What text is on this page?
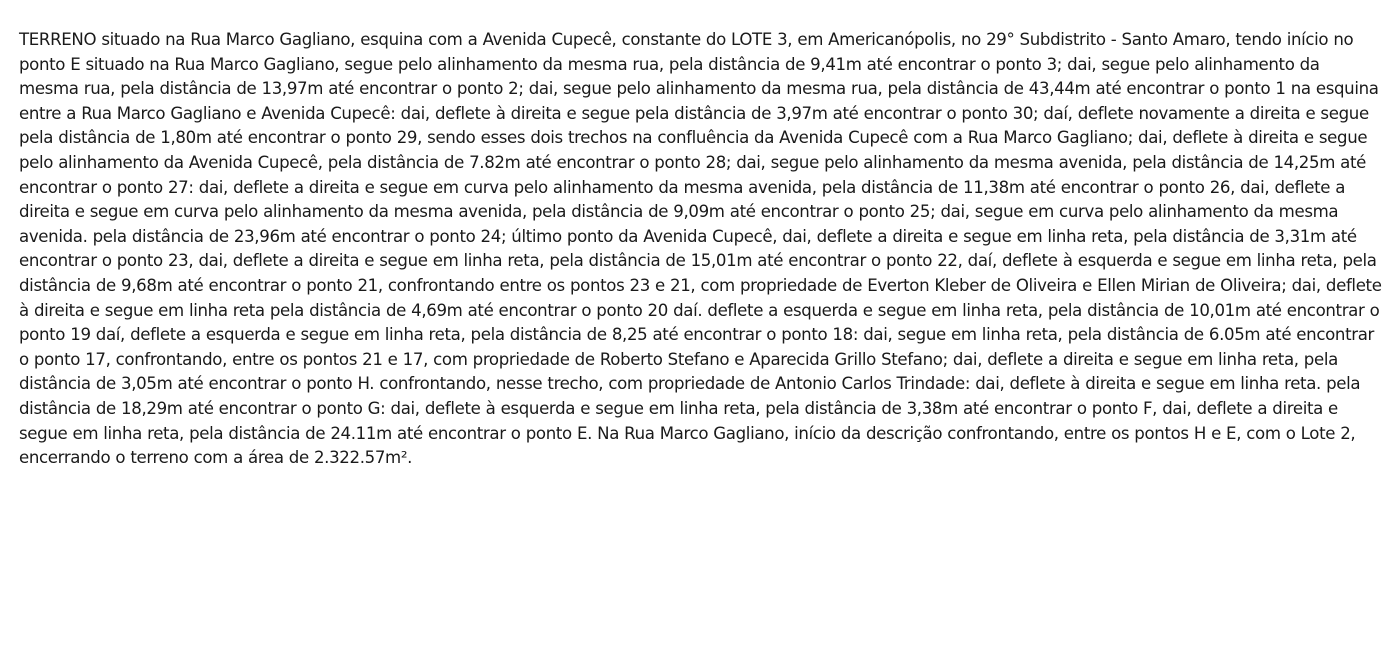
TERRENO situado na Rua Marco Gagliano, esquina com a Avenida Cupecê, constante do LOTE 3, em Americanópolis, no 29° Subdistrito - Santo Amaro, tendo início no ponto E situado na Rua Marco Gagliano, segue pelo alinhamento da mesma rua, pela distância de 9,41m até encontrar o ponto 3; dai, segue pelo alinhamento da mesma rua, pela distância de 13,97m até encontrar o ponto 2; dai, segue pelo alinhamento da mesma rua, pela distância de 43,44m até encontrar o ponto 1 na esquina entre a Rua Marco Gagliano e Avenida Cupecê: dai, deflete à direita e segue pela distância de 3,97m até encontrar o ponto 30; daí, deflete novamente a direita e segue pela distância de 1,80m até encontrar o ponto 29, sendo esses dois trechos na confluência da Avenida Cupecê com a Rua Marco Gagliano; dai, deflete à direita e segue pelo alinhamento da Avenida Cupecê, pela distância de 7.82m até encontrar o ponto 28; dai, segue pelo alinhamento da mesma avenida, pela distância de 14,25m até encontrar o ponto 27: dai, deflete a direita e segue em curva pelo alinhamento da mesma avenida, pela distância de 11,38m até encontrar o ponto 26, dai, deflete a direita e segue em curva pelo alinhamento da mesma avenida, pela distância de 9,09m até encontrar o ponto 25; dai, segue em curva pelo alinhamento da mesma avenida. pela distância de 23,96m até encontrar o ponto 24; último ponto da Avenida Cupecê, dai, deflete a direita e segue em linha reta, pela distância de 3,31m até encontrar o ponto 23, dai, deflete a direita e segue em linha reta, pela distância de 15,01m até encontrar o ponto 22, daí, deflete à esquerda e segue em linha reta, pela distância de 9,68m até encontrar o ponto 21, confrontando entre os pontos 23 e 21, com propriedade de Everton Kleber de Oliveira e Ellen Mirian de Oliveira; dai, deflete à direita e segue em linha reta pela distância de 4,69m até encontrar o ponto 20 daí. deflete a esquerda e segue em linha reta, pela distância de 10,01m até encontrar o ponto 19 daí, deflete a esquerda e segue em linha reta, pela distância de 8,25 até encontrar o ponto 18: dai, segue em linha reta, pela distância de 6.05m até encontrar o ponto 17, confrontando, entre os pontos 21 e 17, com propriedade de Roberto Stefano e Aparecida Grillo Stefano; dai, deflete a direita e segue em linha reta, pela distância de 3,05m até encontrar o ponto H. confrontando, nesse trecho, com propriedade de Antonio Carlos Trindade: dai, deflete à direita e segue em linha reta. pela distância de 18,29m até encontrar o ponto G: dai, deflete à esquerda e segue em linha reta, pela distância de 3,38m até encontrar o ponto F, dai, deflete a direita e segue em linha reta, pela distância de 24.11m até encontrar o ponto E. Na Rua Marco Gagliano, início da descrição confrontando, entre os pontos H e E, com o Lote 2, encerrando o terreno com a área de 2.322.57m².
